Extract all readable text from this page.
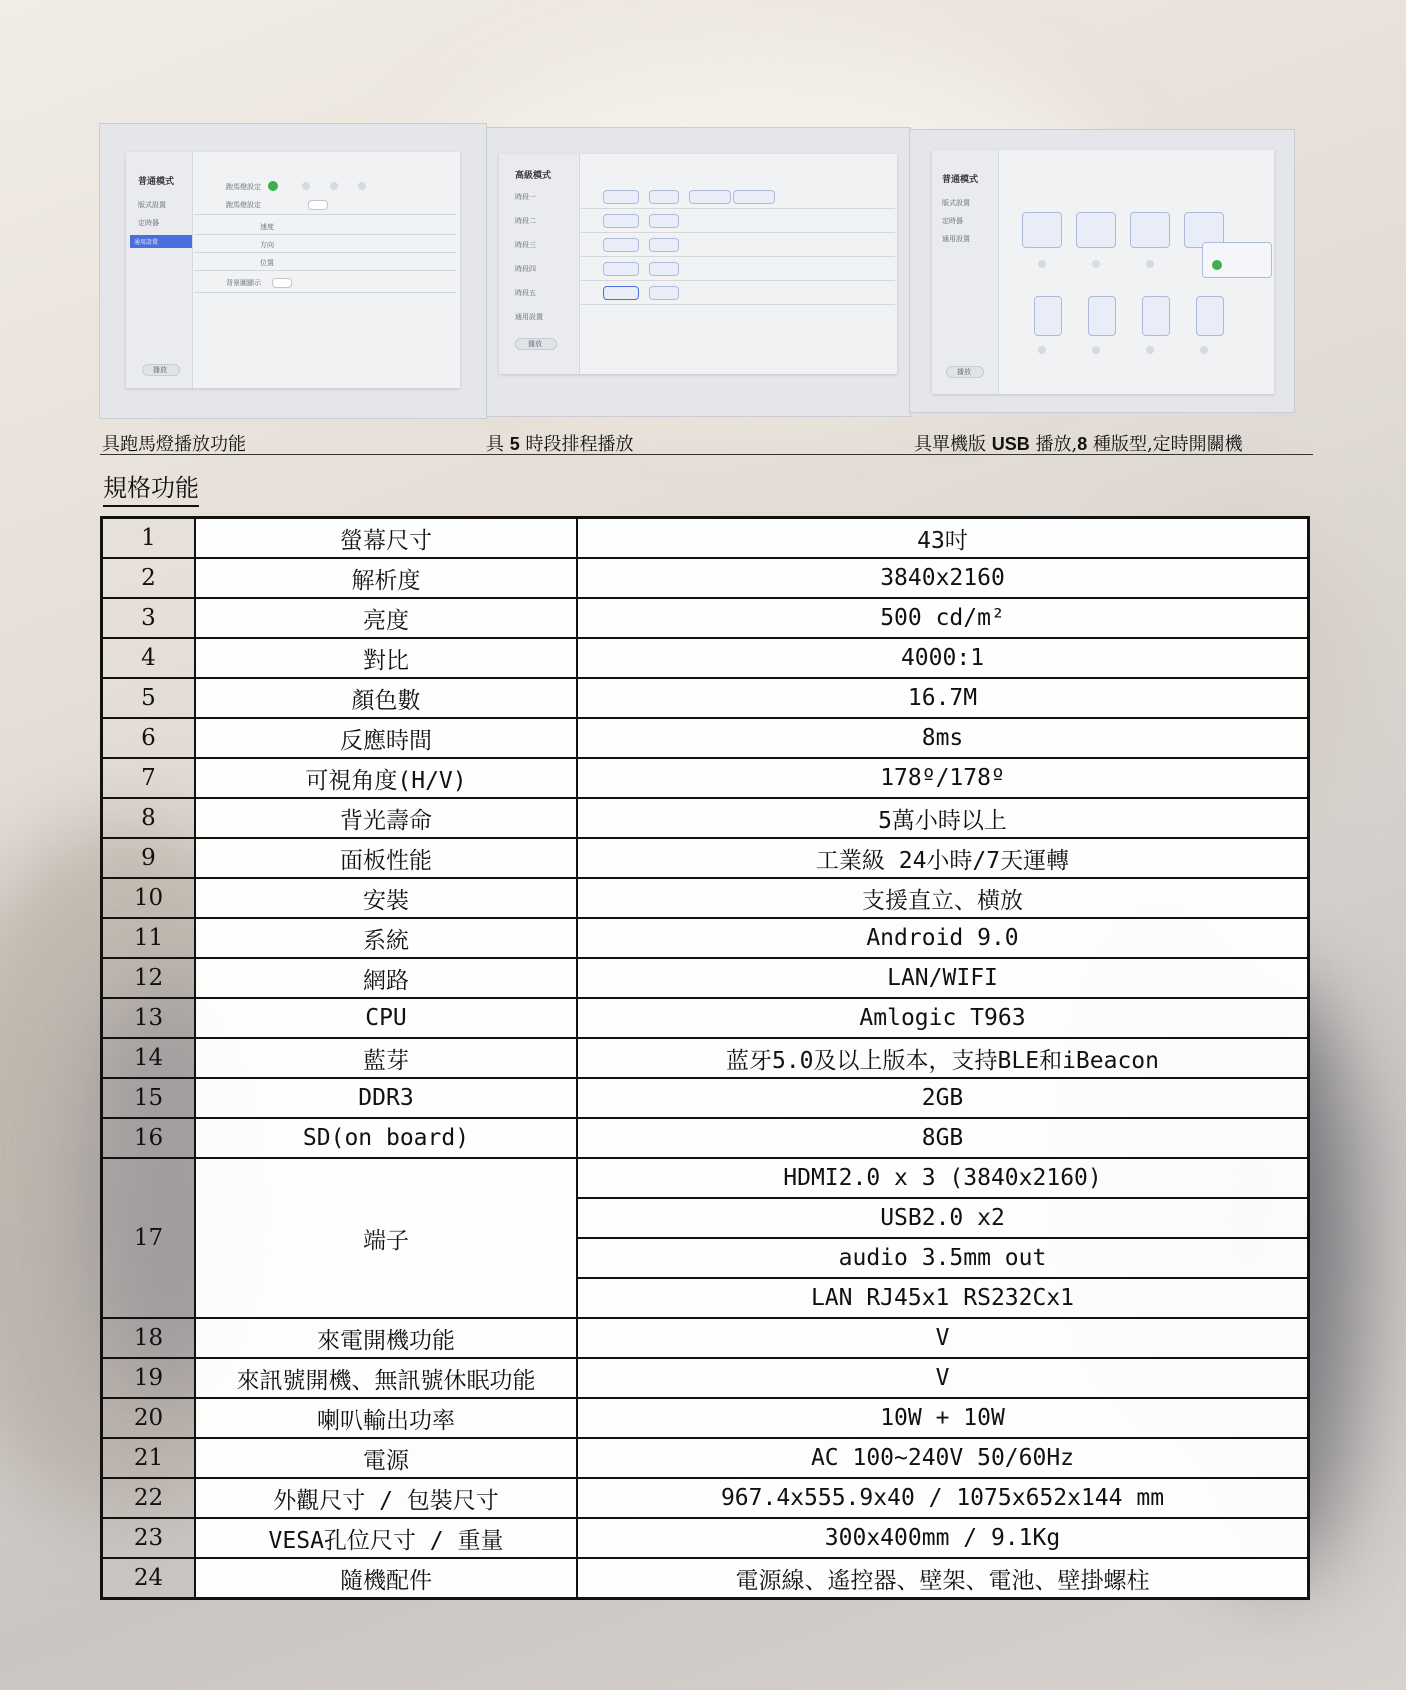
普通模式
版式設置
定時器
通用設置
播放
跑馬燈設定
跑馬燈設定
速度
方向
位置
背景圖顯示
高級模式
時段一
時段二
時段三
時段四
時段五
通用設置
播放
普通模式
版式設置
定時器
通用設置
播放
具跑馬燈播放功能	具 5 時段排程播放	具單機版 USB 播放,8 種版型,定時開關機
規格功能
1	螢幕尺寸	43吋
2	解析度	3840x2160
3	亮度	500 cd/m²
4	對比	4000:1
5	顏色數	16.7M
6	反應時間	8ms
7	可視角度(H/V)	178º/178º
8	背光壽命	5萬小時以上
9	面板性能	工業級 24小時/7天運轉
10	安裝	支援直立、横放
11	系統	Android 9.0
12	網路	LAN/WIFI
13	CPU	Amlogic T963
14	藍芽	蓝牙5.0及以上版本，支持BLE和iBeacon
15	DDR3	2GB
16	SD(on board)	8GB
17	端子	HDMI2.0 x 3 (3840x2160)
		USB2.0 x2
		audio 3.5mm out
		LAN RJ45x1 RS232Cx1
18	來電開機功能	V
19	來訊號開機、無訊號休眠功能	V
20	喇叭輸出功率	10W + 10W
21	電源	AC 100~240V 50/60Hz
22	外觀尺寸 / 包裝尺寸	967.4x555.9x40 / 1075x652x144 mm
23	VESA孔位尺寸 / 重量	300x400mm / 9.1Kg
24	隨機配件	電源線、遙控器、壁架、電池、壁掛螺柱
